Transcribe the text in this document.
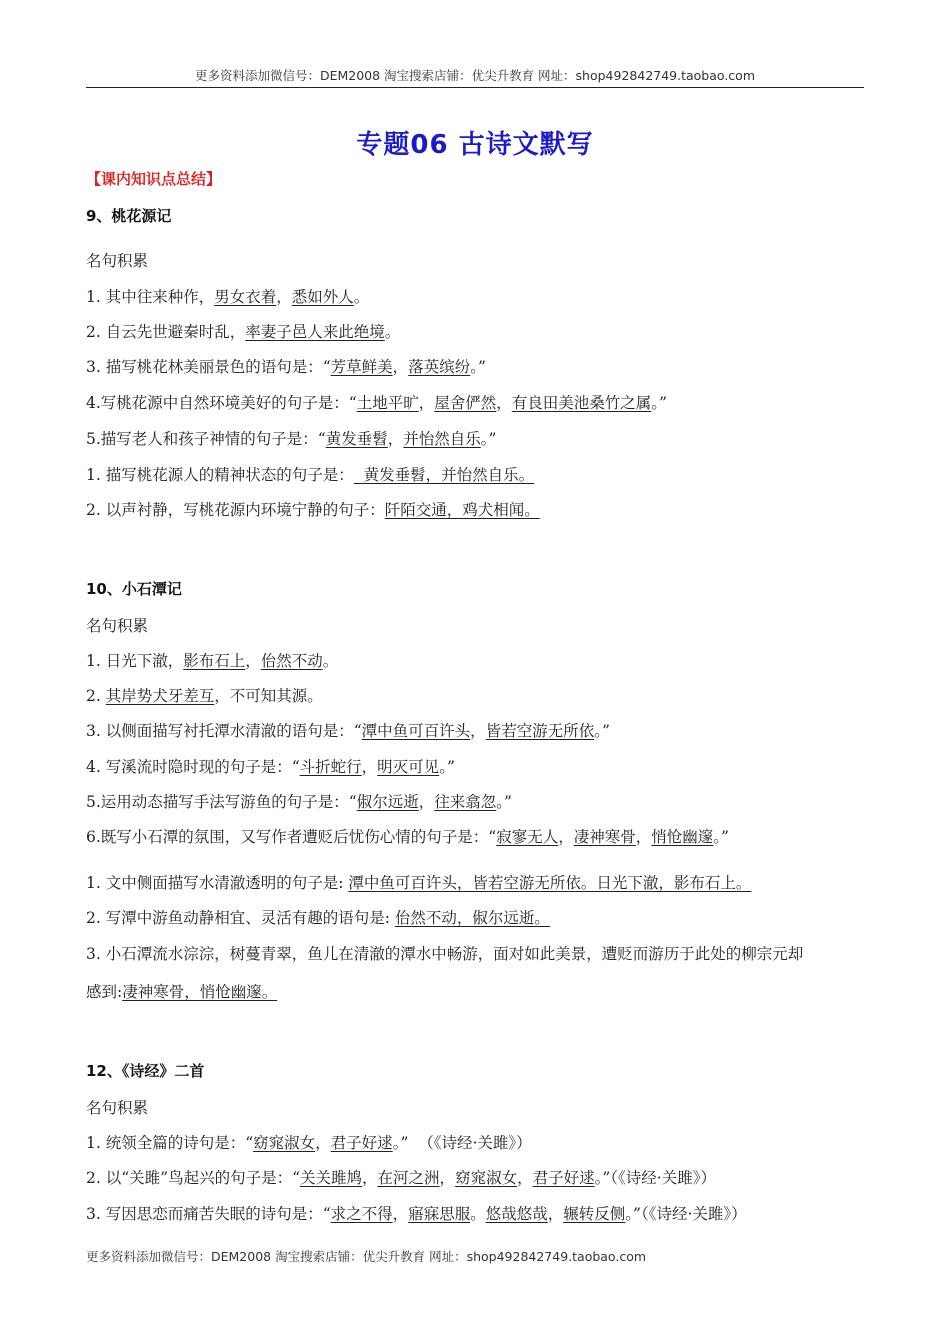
更多资料添加微信号：DEM2008 淘宝搜索店铺：优尖升教育 网址：shop492842749.taobao.com
专题06 古诗文默写
【课内知识点总结】
9、桃花源记
名句积累
1. 其中往来种作，男女衣着，悉如外人。
2. 自云先世避秦时乱，率妻子邑人来此绝境。
3. 描写桃花林美丽景色的语句是：“芳草鲜美，落英缤纷。”
4.写桃花源中自然环境美好的句子是：“土地平旷，屋舍俨然，有良田美池桑竹之属。”
5.描写老人和孩子神情的句子是：“黄发垂髫，并怡然自乐。”
1. 描写桃花源人的精神状态的句子是：  黄发垂髫，并怡然自乐。
2. 以声衬静，写桃花源内环境宁静的句子：阡陌交通，鸡犬相闻。
10、小石潭记
名句积累
1. 日光下澈，影布石上，佁然不动。
2. 其岸势犬牙差互，不可知其源。
3. 以侧面描写衬托潭水清澈的语句是：“潭中鱼可百许头，皆若空游无所依。”
4. 写溪流时隐时现的句子是：“斗折蛇行，明灭可见。”
5.运用动态描写手法写游鱼的句子是：“俶尔远逝，往来翕忽。”
6.既写小石潭的氛围，又写作者遭贬后忧伤心情的句子是：“寂寥无人，凄神寒骨，悄怆幽邃。”
1. 文中侧面描写水清澈透明的句子是: 潭中鱼可百许头，皆若空游无所依。日光下澈，影布石上。
2. 写潭中游鱼动静相宜、灵活有趣的语句是: 佁然不动，俶尔远逝。
3. 小石潭流水淙淙，树蔓青翠，鱼儿在清澈的潭水中畅游，面对如此美景，遭贬而游历于此处的柳宗元却
感到:凄神寒骨，悄怆幽邃。
12、《诗经》二首
名句积累
1. 统领全篇的诗句是：“窈窕淑女，君子好逑。”  （《诗经·关雎》）
2. 以“关雎”鸟起兴的句子是：“关关雎鸠，在河之洲，窈窕淑女，君子好逑。”（《诗经·关雎》）
3. 写因思恋而痛苦失眠的诗句是：“求之不得，寤寐思服。悠哉悠哉，辗转反侧。”（《诗经·关雎》）
更多资料添加微信号：DEM2008 淘宝搜索店铺：优尖升教育 网址：shop492842749.taobao.com
